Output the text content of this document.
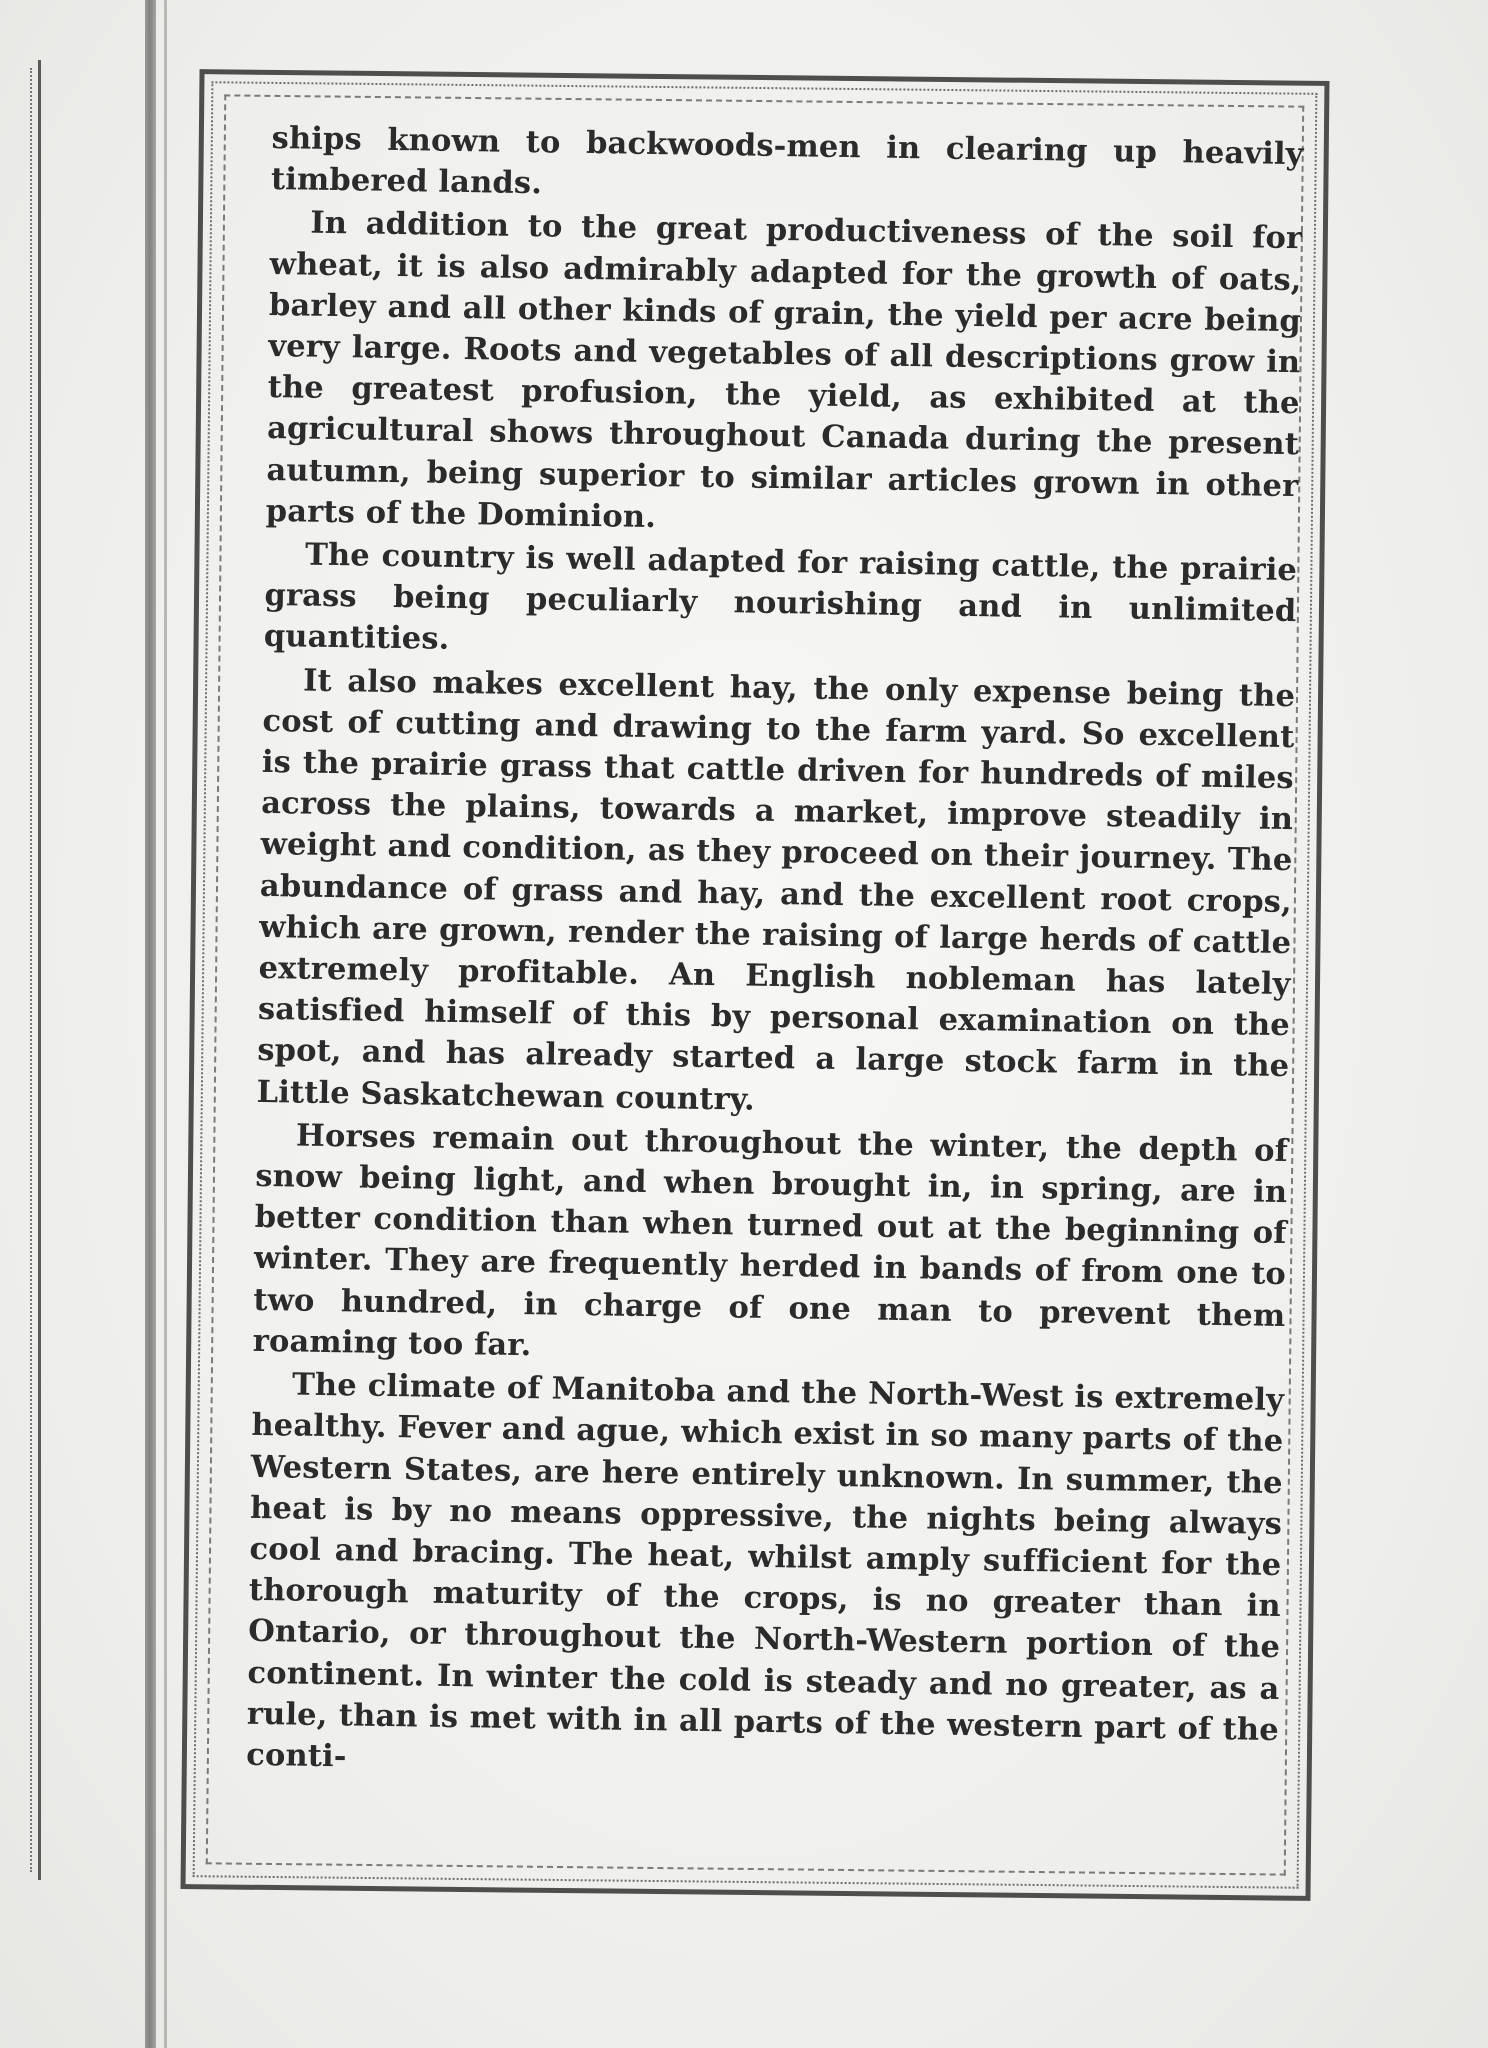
ships known to backwoods-men in clearing up heavily timbered lands.

In addition to the great productiveness of the soil for wheat, it is also admirably adapted for the growth of oats, barley and all other kinds of grain, the yield per acre being very large. Roots and vegetables of all descriptions grow in the greatest profusion, the yield, as exhibited at the agricultural shows throughout Canada during the present autumn, being superior to similar articles grown in other parts of the Dominion.

The country is well adapted for raising cattle, the prairie grass being peculiarly nourishing and in unlimited quantities.

It also makes excellent hay, the only expense being the cost of cutting and drawing to the farm yard. So excellent is the prairie grass that cattle driven for hundreds of miles across the plains, towards a market, improve steadily in weight and condition, as they proceed on their journey. The abundance of grass and hay, and the excellent root crops, which are grown, render the raising of large herds of cattle extremely profitable. An English nobleman has lately satisfied himself of this by personal examination on the spot, and has already started a large stock farm in the Little Saskatchewan country.

Horses remain out throughout the winter, the depth of snow being light, and when brought in, in spring, are in better condition than when turned out at the beginning of winter. They are frequently herded in bands of from one to two hundred, in charge of one man to prevent them roaming too far.

The climate of Manitoba and the North-West is extremely healthy. Fever and ague, which exist in so many parts of the Western States, are here entirely unknown. In summer, the heat is by no means oppressive, the nights being always cool and bracing. The heat, whilst amply sufficient for the thorough maturity of the crops, is no greater than in Ontario, or throughout the North-Western portion of the continent. In winter the cold is steady and no greater, as a rule, than is met with in all parts of the western part of the conti-
